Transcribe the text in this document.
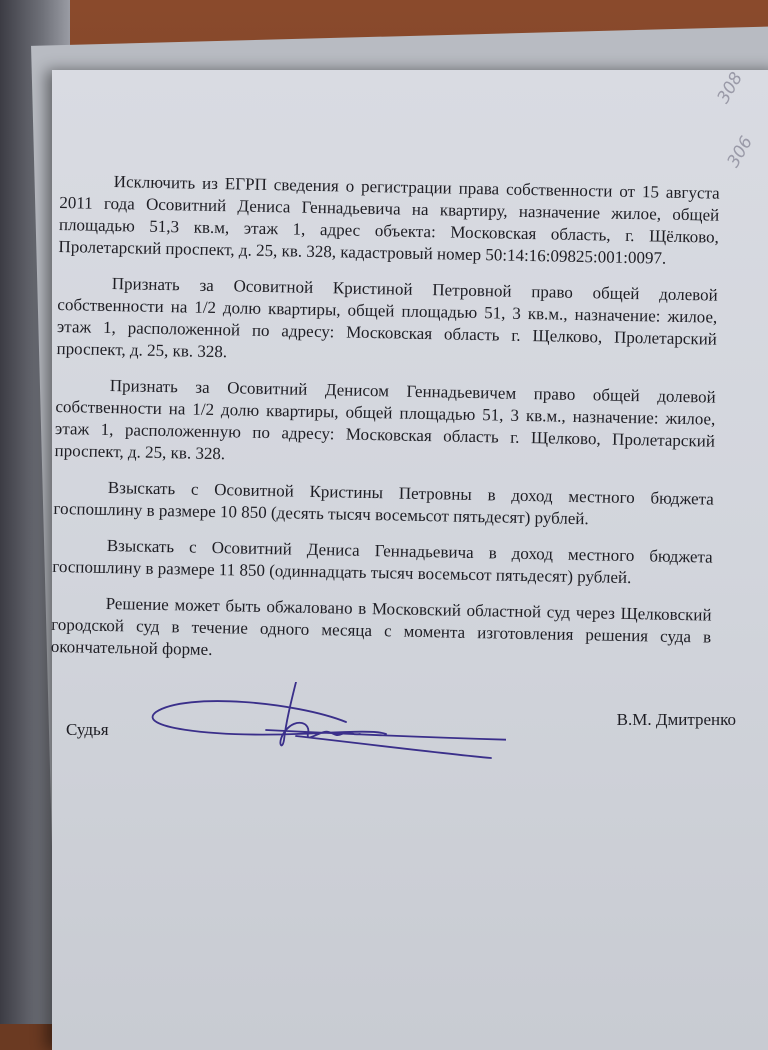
308
306

Исключить из ЕГРП сведения о регистрации права собственности от 15 августа 2011 года Осовитний Дениса Геннадьевича на квартиру, назначение жилое, общей площадью 51,3 кв.м, этаж 1, адрес объекта: Московская область, г. Щёлково, Пролетарский проспект, д. 25, кв. 328, кадастровый номер 50:14:16:09825:001:0097.

Признать за Осовитной Кристиной Петровной право общей долевой собственности на 1/2 долю квартиры, общей площадью 51, 3 кв.м., назначение: жилое, этаж 1, расположенной по адресу: Московская область г. Щелково, Пролетарский проспект, д. 25, кв. 328.

Признать за Осовитний Денисом Геннадьевичем право общей долевой собственности на 1/2 долю квартиры, общей площадью 51, 3 кв.м., назначение: жилое, этаж 1, расположенную по адресу: Московская область г. Щелково, Пролетарский проспект, д. 25, кв. 328.

Взыскать с Осовитной Кристины Петровны в доход местного бюджета госпошлину в размере 10 850 (десять тысяч восемьсот пятьдесят) рублей.

Взыскать с Осовитний Дениса Геннадьевича в доход местного бюджета госпошлину в размере 11 850 (одиннадцать тысяч восемьсот пятьдесят) рублей.

Решение может быть обжаловано в Московский областной суд через Щелковский городской суд в течение одного месяца с момента изготовления решения суда в окончательной форме.

Судья
В.М. Дмитренко
